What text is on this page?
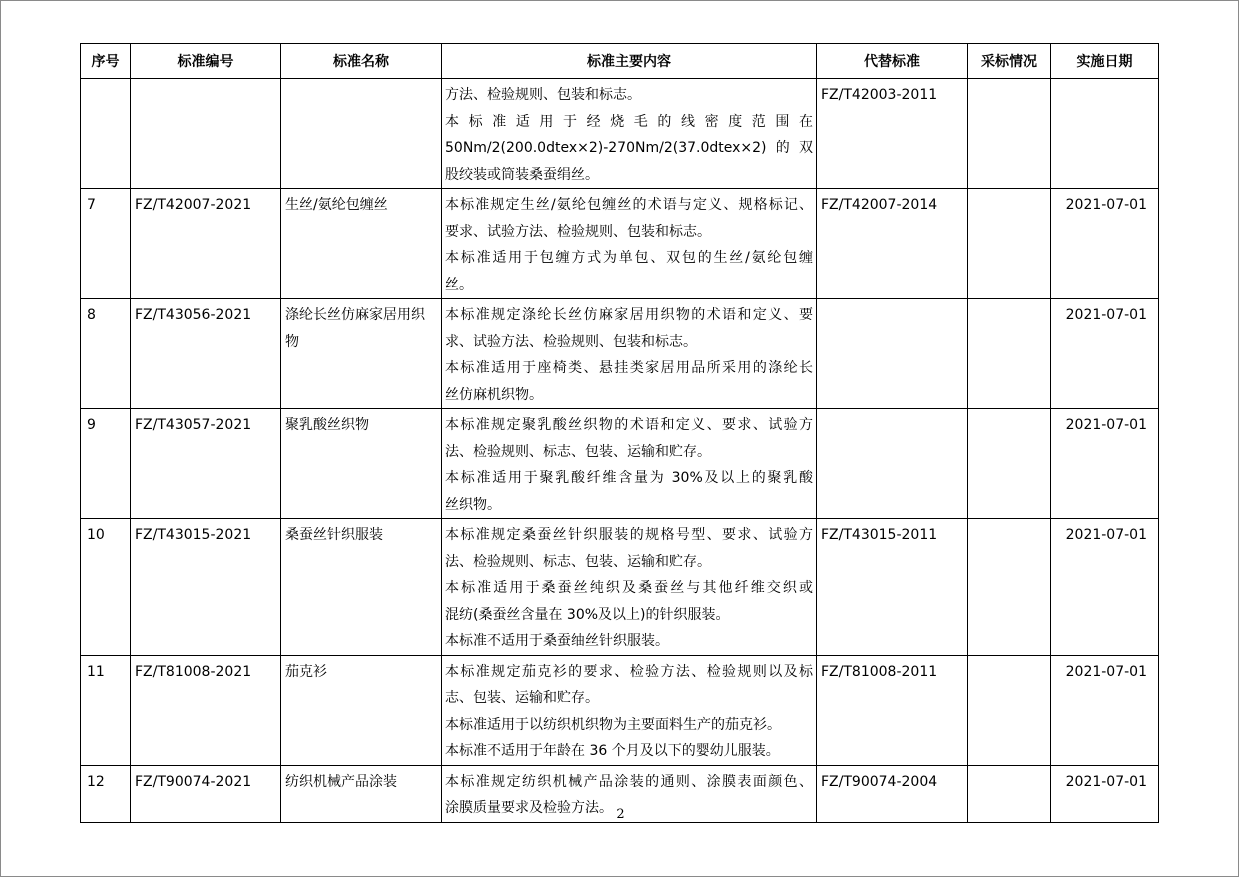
序号	标准编号	标准名称	标准主要内容	代替标准	采标情况	实施日期

			方法、检验规则、包装和标志。

本标准适用于经烧毛的线密度范围在
50Nm/2(200.0dtex×2)-270Nm/2(37.0dtex×2)的双
股绞装或筒装桑蚕绢丝。	FZ/T42003-2011		
7	FZ/T42007-2021	生丝/氨纶包缠丝	本标准规定生丝/氨纶包缠丝的术语与定义、规格标记、
要求、试验方法、检验规则、包装和标志。

本标准适用于包缠方式为单包、双包的生丝/氨纶包缠
丝。	FZ/T42007-2014		2021-07-01
8	FZ/T43056-2021	涤纶长丝仿麻家居用织物	本标准规定涤纶长丝仿麻家居用织物的术语和定义、要
求、试验方法、检验规则、包装和标志。

本标准适用于座椅类、悬挂类家居用品所采用的涤纶长
丝仿麻机织物。			2021-07-01
9	FZ/T43057-2021	聚乳酸丝织物	本标准规定聚乳酸丝织物的术语和定义、要求、试验方
法、检验规则、标志、包装、运输和贮存。

本标准适用于聚乳酸纤维含量为 30%及以上的聚乳酸
丝织物。			2021-07-01
10	FZ/T43015-2021	桑蚕丝针织服装	本标准规定桑蚕丝针织服装的规格号型、要求、试验方
法、检验规则、标志、包装、运输和贮存。

本标准适用于桑蚕丝纯织及桑蚕丝与其他纤维交织或
混纺(桑蚕丝含量在 30%及以上)的针织服装。

本标准不适用于桑蚕䌷丝针织服装。	FZ/T43015-2011		2021-07-01
11	FZ/T81008-2021	茄克衫	本标准规定茄克衫的要求、检验方法、检验规则以及标
志、包装、运输和贮存。

本标准适用于以纺织机织物为主要面料生产的茄克衫。

本标准不适用于年龄在 36 个月及以下的婴幼儿服装。	FZ/T81008-2011		2021-07-01
12	FZ/T90074-2021	纺织机械产品涂装	本标准规定纺织机械产品涂装的通则、涂膜表面颜色、
涂膜质量要求及检验方法。	FZ/T90074-2004		2021-07-01
2
